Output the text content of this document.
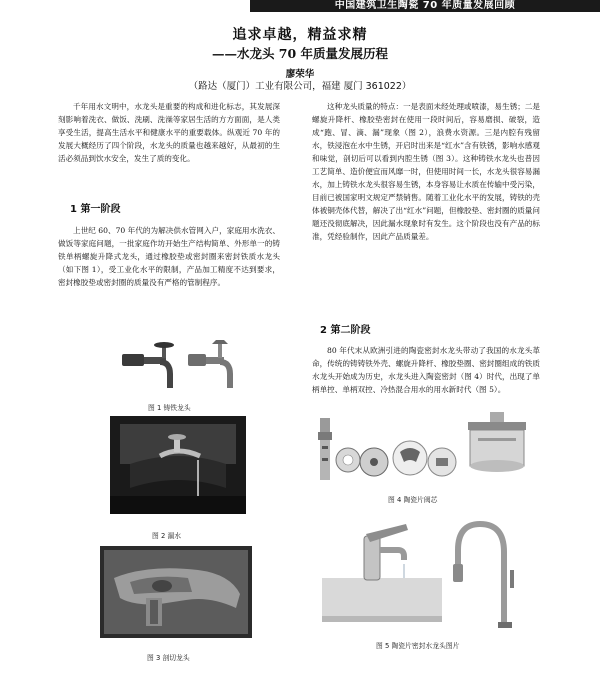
中国建筑卫生陶瓷 70 年质量发展回顾
追求卓越，精益求精
——水龙头 70 年质量发展历程
廖荣华
（路达（厦门）工业有限公司，福建 厦门 361022）

千年用水文明中，水龙头是重要的构成和进化标志，其发展深刻影响着洗衣、做饭、洗刷、洗澡等家居生活的方方面面，是人类享受生活，提高生活水平和健康水平的重要载体。纵观近 70 年的发展大概经历了四个阶段，水龙头的质量也越来越好，从最初的生活必须品到饮水安全，发生了质的变化。

1 第一阶段

上世纪 60、70 年代的为解决供水管网入户，家庭用水洗衣、做饭等家庭问题，一批家庭作坊开始生产结构简单、外形单一的铸铁单柄螺旋升降式龙头，通过橡胶垫或密封圈来密封铁质水龙头（如下图 1），受工业化水平的限制，产品加工精度不达到要求，密封橡胶垫或密封圈的质量没有严格的管制程序。

图 1 铸铁龙头
图 2 漏水
图 3 剖切龙头

这种龙头质量的特点：一是表面未经处理或喷漆，易生锈；二是螺旋升降杆、橡胶垫密封在使用一段时间后，容易磨损、破裂，造成“跑、冒、滴、漏”现象（图 2），浪费水资源。三是内腔有残留水，铁浸泡在水中生锈，开启时出来是“红水”含有铁锈，影响水感观和味觉，剖切后可以看到内腔生锈（图 3）。这种铸铁水龙头也普因工艺简单、造价便宜而风靡一时，但使用时间一长，水龙头很容易漏水，加上铸铁水龙头很容易生锈，本身容易让水质在传输中受污染，目前已被国家明文规定严禁销售。随着工业化水平的发展，铸铁的壳体被铜壳体代替，解决了出“红水”问题，但橡胶垫、密封圈的质量问题还没彻底解决，因此漏水现象时有发生。这个阶段也没有产品的标准，凭经验制作，因此产品质量差。

2 第二阶段

80 年代末从欧洲引进的陶瓷密封水龙头带动了我国的水龙头革命，传统的铸铸铁外壳、螺旋升降杆、橡胶垫圈、密封圈组成的铁质水龙头开始成为历史，水龙头进入陶瓷密封（图 4）时代，出现了单柄单控、单柄双控、冷热混合用水的用水新时代（图 5）。

图 4 陶瓷片阀芯
图 5 陶瓷片密封水龙头图片
